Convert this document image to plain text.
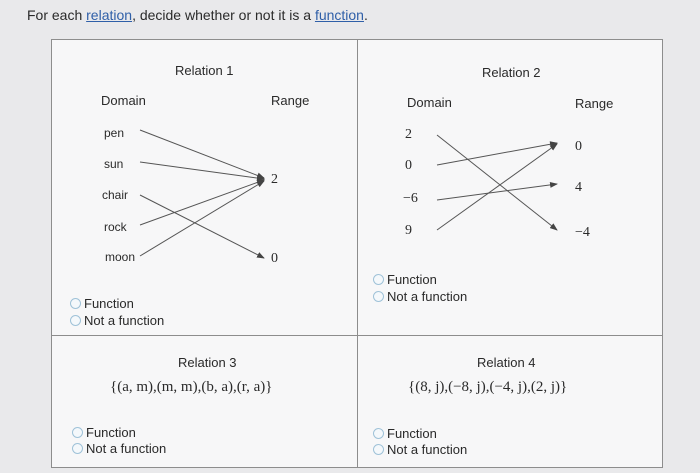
For each relation, decide whether or not it is a function.
Relation 1
Domain	Range
pen
sun
chair
rock
moon
2
0
Function
Not a function
Relation 2
Domain	Range
2
0
−6
9
0
4
−4
Function
Not a function
Relation 3
{(a, m),(m, m),(b, a),(r, a)}
Function
Not a function
Relation 4
{(8, j),(−8, j),(−4, j),(2, j)}
Function
Not a function
